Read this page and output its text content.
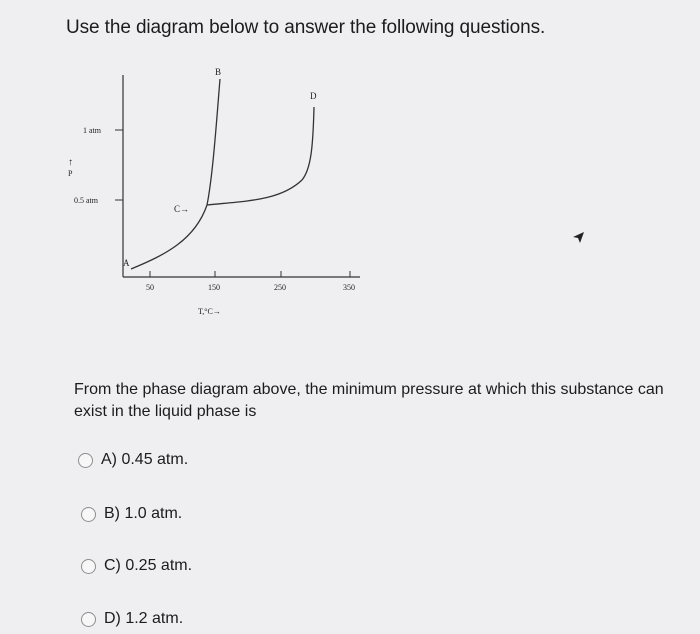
Use the diagram below to answer the following questions.
1 atm
0.5 atm
↑
P
50	150	250	350
T,°C→
A
B
C→
D
From the phase diagram above, the minimum pressure at which this substance can exist in the liquid phase is
A) 0.45 atm.
B) 1.0 atm.
C) 0.25 atm.
D) 1.2 atm.
